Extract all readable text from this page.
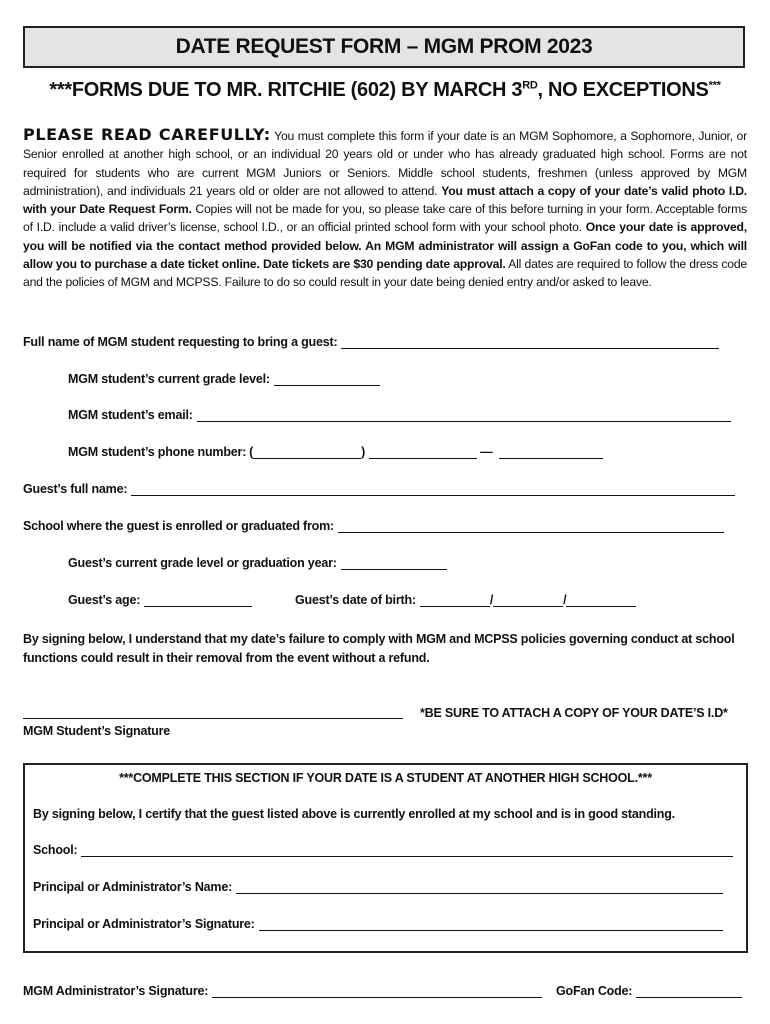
DATE REQUEST FORM – MGM PROM 2023
***FORMS DUE TO MR. RITCHIE (602) BY MARCH 3RD, NO EXCEPTIONS***
PLEASE READ CAREFULLY: You must complete this form if your date is an MGM Sophomore, a Sophomore, Junior, or Senior enrolled at another high school, or an individual 20 years old or under who has already graduated high school. Forms are not required for students who are current MGM Juniors or Seniors. Middle school students, freshmen (unless approved by MGM administration), and individuals 21 years old or older are not allowed to attend. You must attach a copy of your date’s valid photo I.D. with your Date Request Form. Copies will not be made for you, so please take care of this before turning in your form. Acceptable forms of I.D. include a valid driver’s license, school I.D., or an official printed school form with your school photo. Once your date is approved, you will be notified via the contact method provided below. An MGM administrator will assign a GoFan code to you, which will allow you to purchase a date ticket online. Date tickets are $30 pending date approval. All dates are required to follow the dress code and the policies of MGM and MCPSS. Failure to do so could result in your date being denied entry and/or asked to leave.
Full name of MGM student requesting to bring a guest:
MGM student’s current grade level:
MGM student’s email:
MGM student’s phone number: (	)	—
Guest’s full name:
School where the guest is enrolled or graduated from:
Guest’s current grade level or graduation year:
Guest’s age:	Guest’s date of birth:	/	/
By signing below, I understand that my date’s failure to comply with MGM and MCPSS policies governing conduct at school functions could result in their removal from the event without a refund.
*BE SURE TO ATTACH A COPY OF YOUR DATE’S I.D*
MGM Student’s Signature
***COMPLETE THIS SECTION IF YOUR DATE IS A STUDENT AT ANOTHER HIGH SCHOOL.***
By signing below, I certify that the guest listed above is currently enrolled at my school and is in good standing.
School:
Principal or Administrator’s Name:
Principal or Administrator’s Signature:
MGM Administrator’s Signature:	GoFan Code:
